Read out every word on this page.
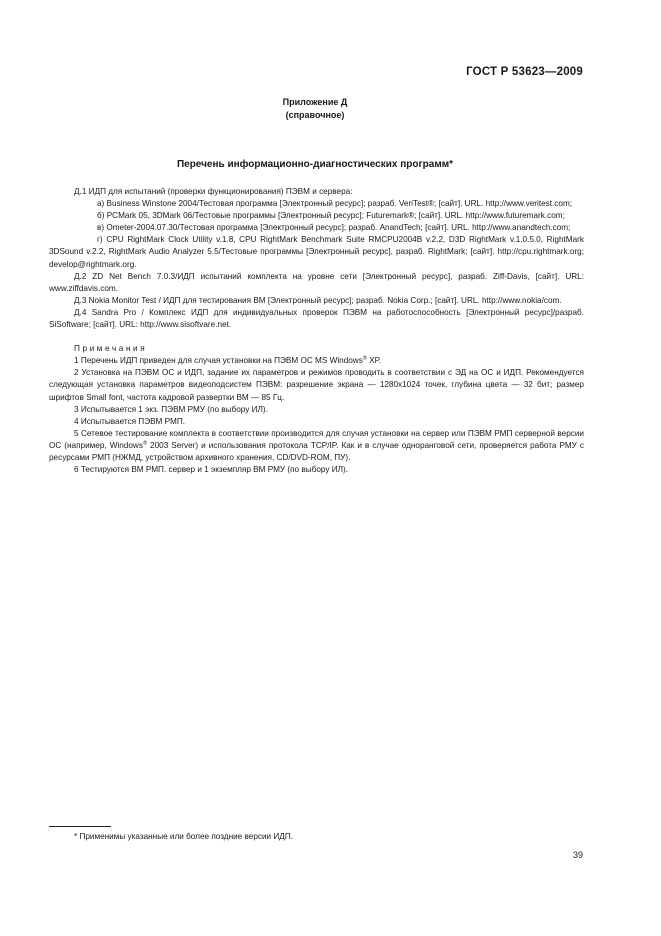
ГОСТ Р 53623—2009
Приложение Д
(справочное)
Перечень информационно-диагностических программ*

Д.1 ИДП для испытаний (проверки функционирования) ПЭВМ и сервера:

а) Business Winstone 2004/Тестовая программа [Электронный ресурс]; разраб. VeriTest®; [сайт]. URL. http://www.veritest.com;

б) PCMark 05, 3DMark 06/Тестовые программы [Электронный ресурс]; Futuremark®; [сайт]. URL. http://www.futuremark.com;

в) Ometer-2004.07.30/Тестовая программа [Электронный ресурс]; разраб. AnandTech; [сайт]. URL. http://www.anandtech.com;

г) CPU RightMark Clock Utility v.1.8, CPU RightMark Benchmark Suite RMCPU2004B v.2.2, D3D RightMark v.1.0.5.0, RightMark 3DSound v.2.2, RightMark Audio Analyzer 5.5/Тестовые программы [Электронный ресурс], разраб. RightMark; [сайт]. http://cpu.rightmark.org; develop@rightmark.org.

Д.2 ZD Net Bench 7.0.3/ИДП испытаний комплекта на уровне сети [Электронный ресурс], разраб. Ziff-Davis, [сайт]. URL: www.ziffdavis.com.

Д.3 Nokia Monitor Test / ИДП для тестирования ВМ [Электронный ресурс]; разраб. Nokia Corp.; [сайт]. URL. http://www.nokia/com.

Д.4 Sandra Pro / Комплекс ИДП для индивидуальных проверок ПЭВМ на работоспособность [Электронный ресурс]/разраб. SiSoftware; [сайт]. URL: http://www.sisoftvare.net.

Примечания

1 Перечень ИДП приведен для случая установки на ПЭВМ ОС MS Windows® XP.

2 Установка на ПЭВМ ОС и ИДП, задание их параметров и режимов проводить в соответствии с ЭД на ОС и ИДП. Рекомендуется следующая установка параметров видеоподсистем ПЭВМ: разрешение экрана — 1280х1024 точек, глубина цвета — 32 бит; размер шрифтов Small font, частота кадровой развертки ВМ — 85 Гц.

3 Испытывается 1 экз. ПЭВМ РМУ (по выбору ИЛ).

4 Испытывается ПЭВМ РМП.

5 Сетевое тестирование комплекта в соответствии производится для случая установки на сервер или ПЭВМ РМП серверной версии ОС (например, Windows® 2003 Server) и использования протокола TCP/IP. Как и в случае одноранговой сети, проверяется работа РМУ с ресурсами РМП (НЖМД, устройством архивного хранения, CD/DVD-ROM, ПУ).

6 Тестируются ВМ РМП. сервер и 1 экземпляр ВМ РМУ (по выбору ИЛ).

* Применимы указанные или более поздние версии ИДП.
39
